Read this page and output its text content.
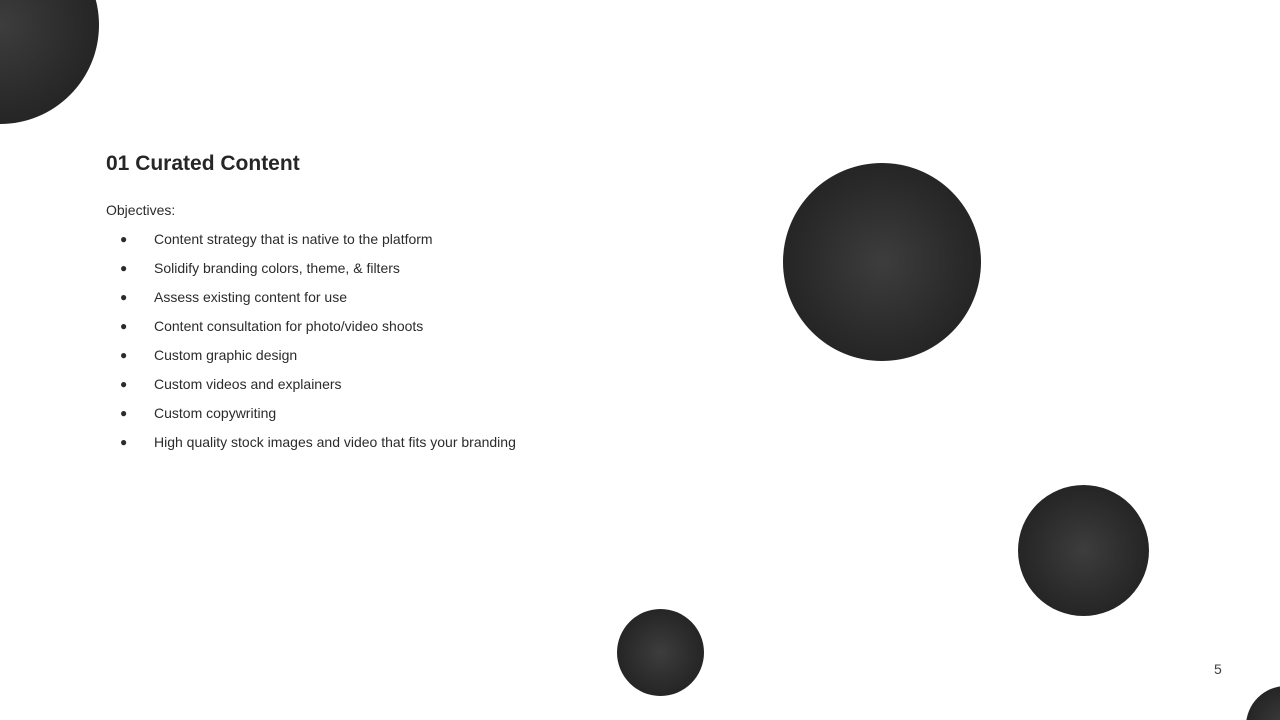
01 Curated Content
Objectives:
● Content strategy that is native to the platform
● Solidify branding colors, theme, & filters
● Assess existing content for use
● Content consultation for photo/video shoots
● Custom graphic design
● Custom videos and explainers
● Custom copywriting
● High quality stock images and video that fits your branding
5
